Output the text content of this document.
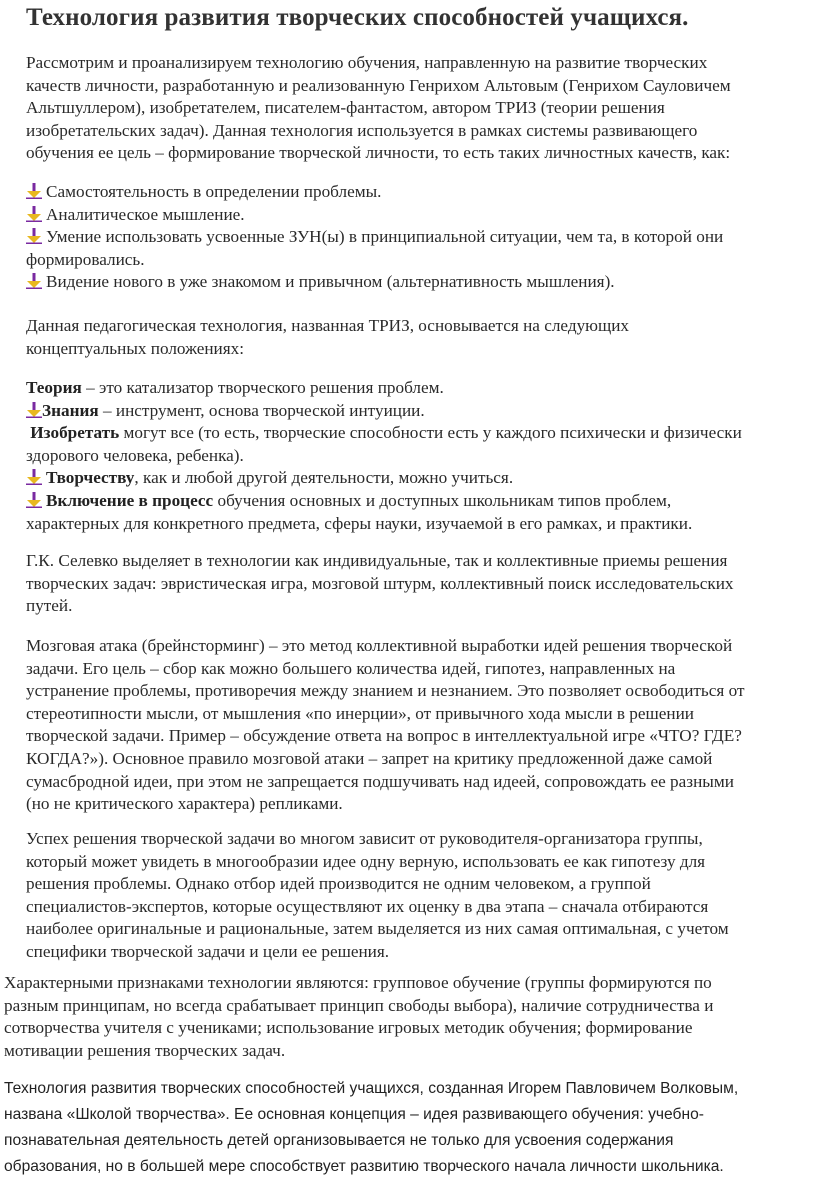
Технология развития творческих способностей учащихся.
Рассмотрим и проанализируем технологию обучения, направленную на развитие творческих
качеств личности, разработанную и реализованную Генрихом Альтовым (Генрихом Сауловичем
Альтшуллером), изобретателем, писателем-фантастом, автором ТРИЗ (теории решения
изобретательских задач). Данная технология используется в рамках системы развивающего
обучения ее цель – формирование творческой личности, то есть таких личностных качеств, как:
Самостоятельность в определении проблемы.
Аналитическое мышление.
Умение использовать усвоенные ЗУН(ы) в принципиальной ситуации, чем та, в которой они
формировались.
Видение нового в уже знакомом и привычном (альтернативность мышления).
Данная педагогическая технология, названная ТРИЗ, основывается на следующих
концептуальных положениях:
Теория – это катализатор творческого решения проблем.
Знания – инструмент, основа творческой интуиции.
Изобретать могут все (то есть, творческие способности есть у каждого психически и физически
здорового человека, ребенка).
Творчеству, как и любой другой деятельности, можно учиться.
Включение в процесс обучения основных и доступных школьникам типов проблем,
характерных для конкретного предмета, сферы науки, изучаемой в его рамках, и практики.
Г.К. Селевко выделяет в технологии как индивидуальные, так и коллективные приемы решения
творческих задач: эвристическая игра, мозговой штурм, коллективный поиск исследовательских
путей.
Мозговая атака (брейнсторминг) – это метод коллективной выработки идей решения творческой
задачи. Его цель – сбор как можно большего количества идей, гипотез, направленных на
устранение проблемы, противоречия между знанием и незнанием. Это позволяет освободиться от
стереотипности мысли, от мышления «по инерции», от привычного хода мысли в решении
творческой задачи. Пример – обсуждение ответа на вопрос в интеллектуальной игре «ЧТО? ГДЕ?
КОГДА?»). Основное правило мозговой атаки – запрет на критику предложенной даже самой
сумасбродной идеи, при этом не запрещается подшучивать над идеей, сопровождать ее разными
(но не критического характера) репликами.
Успех решения творческой задачи во многом зависит от руководителя-организатора группы,
который может увидеть в многообразии идее одну верную, использовать ее как гипотезу для
решения проблемы. Однако отбор идей производится не одним человеком, а группой
специалистов-экспертов, которые осуществляют их оценку в два этапа – сначала отбираются
наиболее оригинальные и рациональные, затем выделяется из них самая оптимальная, с учетом
специфики творческой задачи и цели ее решения.
Характерными признаками технологии являются: групповое обучение (группы формируются по
разным принципам, но всегда срабатывает принцип свободы выбора), наличие сотрудничества и
сотворчества учителя с учениками; использование игровых методик обучения; формирование
мотивации решения творческих задач.
Технология развития творческих способностей учащихся, созданная Игорем Павловичем Волковым,
названа «Школой творчества». Ее основная концепция – идея развивающего обучения: учебно-
познавательная деятельность детей организовывается не только для усвоения содержания
образования, но в большей мере способствует развитию творческого начала личности школьника.
